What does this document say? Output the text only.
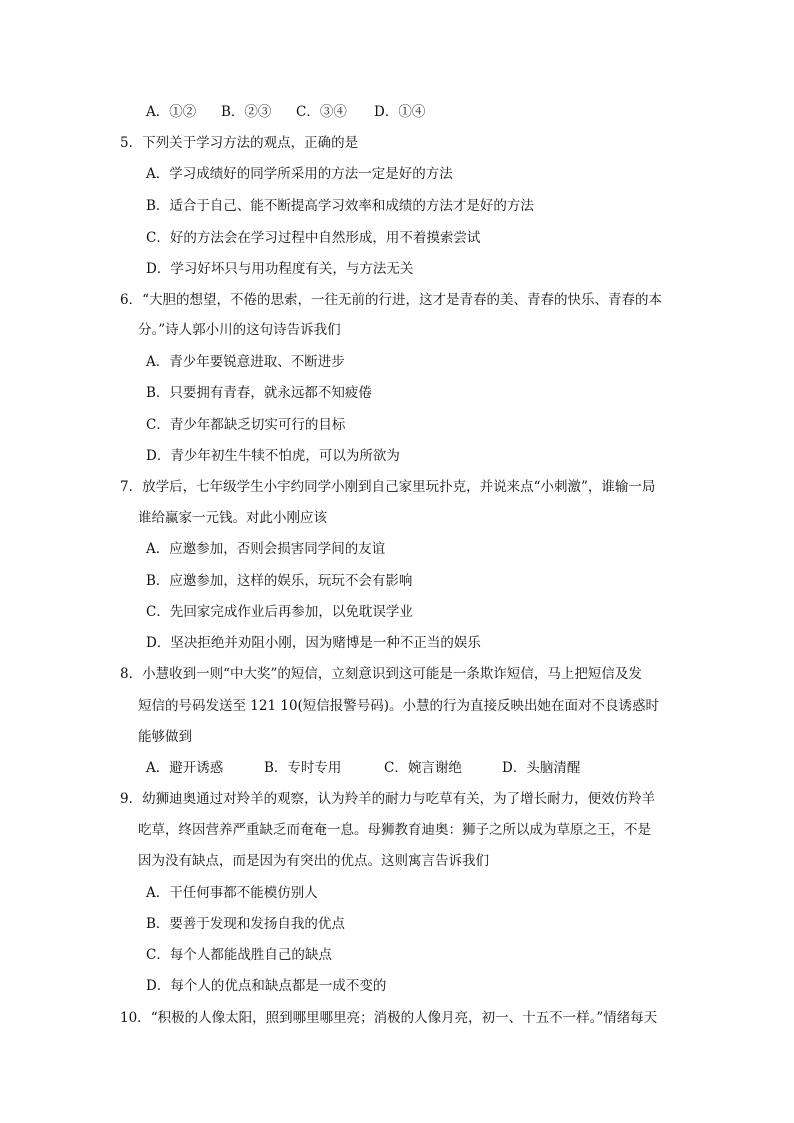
A．①② B．②③ C．③④ D．①④
5．下列关于学习方法的观点，正确的是
A．学习成绩好的同学所采用的方法一定是好的方法
B．适合于自己、能不断提高学习效率和成绩的方法才是好的方法
C．好的方法会在学习过程中自然形成，用不着摸索尝试
D．学习好坏只与用功程度有关，与方法无关
6．“大胆的想望，不倦的思索，一往无前的行进，这才是青春的美、青春的快乐、青春的本
分。”诗人郭小川的这句诗告诉我们
A．青少年要锐意进取、不断进步
B．只要拥有青春，就永远都不知疲倦
C．青少年都缺乏切实可行的目标
D．青少年初生牛犊不怕虎，可以为所欲为
7．放学后，七年级学生小宇约同学小刚到自己家里玩扑克，并说来点“小刺激”，谁输一局
谁给赢家一元钱。对此小刚应该
A．应邀参加，否则会损害同学间的友谊
B．应邀参加，这样的娱乐，玩玩不会有影响
C．先回家完成作业后再参加，以免耽误学业
D．坚决拒绝并劝阻小刚，因为赌博是一种不正当的娱乐
8．小慧收到一则“中大奖”的短信，立刻意识到这可能是一条欺诈短信，马上把短信及发
短信的号码发送至 121 10(短信报警号码)。小慧的行为直接反映出她在面对不良诱惑时
能够做到
A．避开诱惑	B．专时专用	C．婉言谢绝	D．头脑清醒
9．幼狮迪奥通过对羚羊的观察，认为羚羊的耐力与吃草有关，为了增长耐力，便效仿羚羊
吃草，终因营养严重缺乏而奄奄一息。母狮教育迪奥：狮子之所以成为草原之王，不是
因为没有缺点，而是因为有突出的优点。这则寓言告诉我们
A．干任何事都不能模仿别人
B．要善于发现和发扬自我的优点
C．每个人都能战胜自己的缺点
D．每个人的优点和缺点都是一成不变的
10．“积极的人像太阳，照到哪里哪里亮；消极的人像月亮，初一、十五不一样。”情绪每天
